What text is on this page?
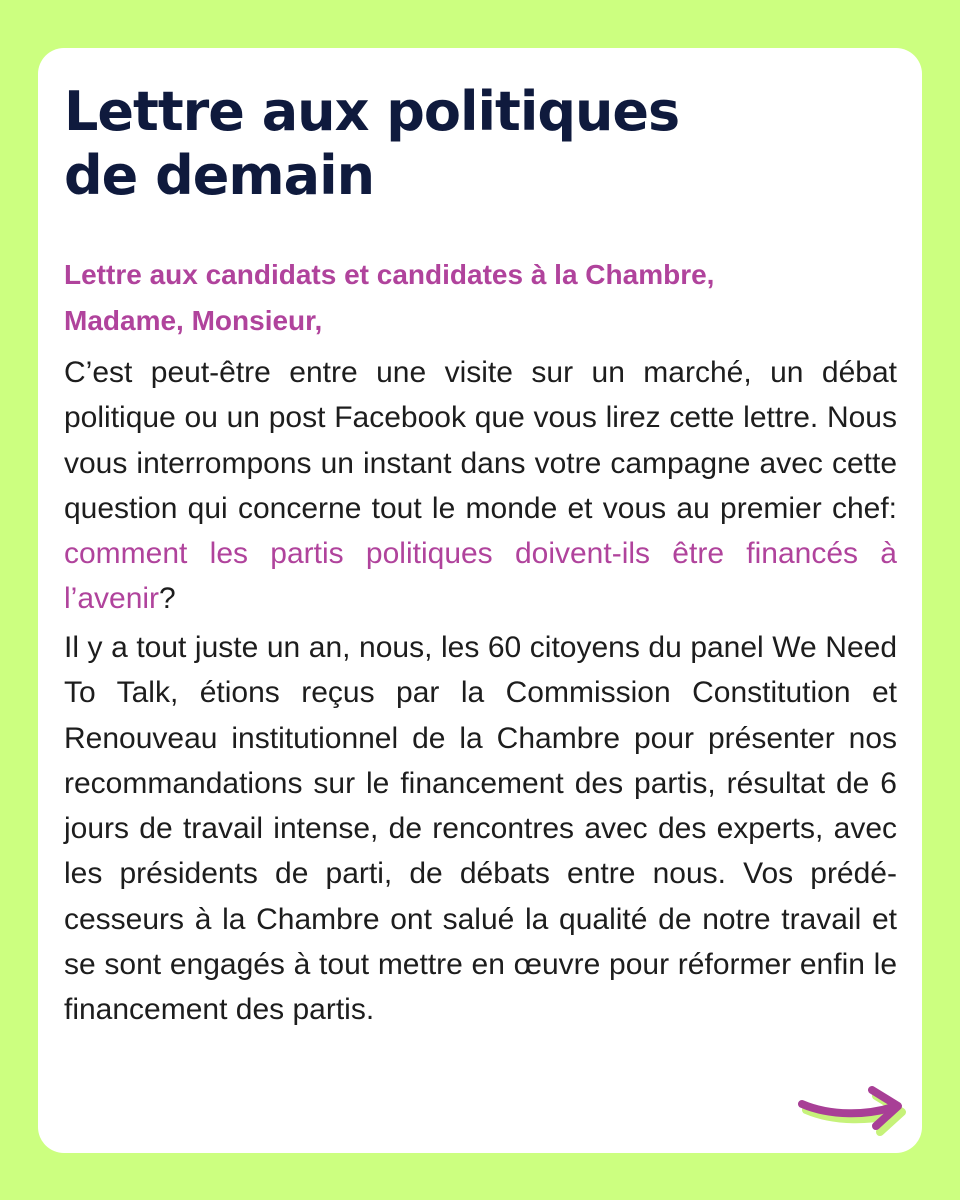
Lettre aux politiques
de demain
Lettre aux candidats et candidates à la Chambre,
Madame, Monsieur,

C’est peut-être entre une visite sur un marché, un débat politique ou un post Facebook que vous lirez cette lettre. Nous vous interrompons un instant dans votre campagne avec cette question qui concerne tout le monde et vous au premier chef: comment les partis politiques doivent-ils être financés à l’avenir?

Il y a tout juste un an, nous, les 60 citoyens du panel We Need To Talk, étions reçus par la Commission Constitution et Renouveau institutionnel de la Chambre pour présenter nos recommandations sur le financement des partis, résultat de 6 jours de travail intense, de rencontres avec des experts, avec les présidents de parti, de débats entre nous. Vos prédécesseurs à la Chambre ont salué la qualité de notre travail et se sont engagés à tout mettre en œuvre pour réformer enfin le financement des partis.
